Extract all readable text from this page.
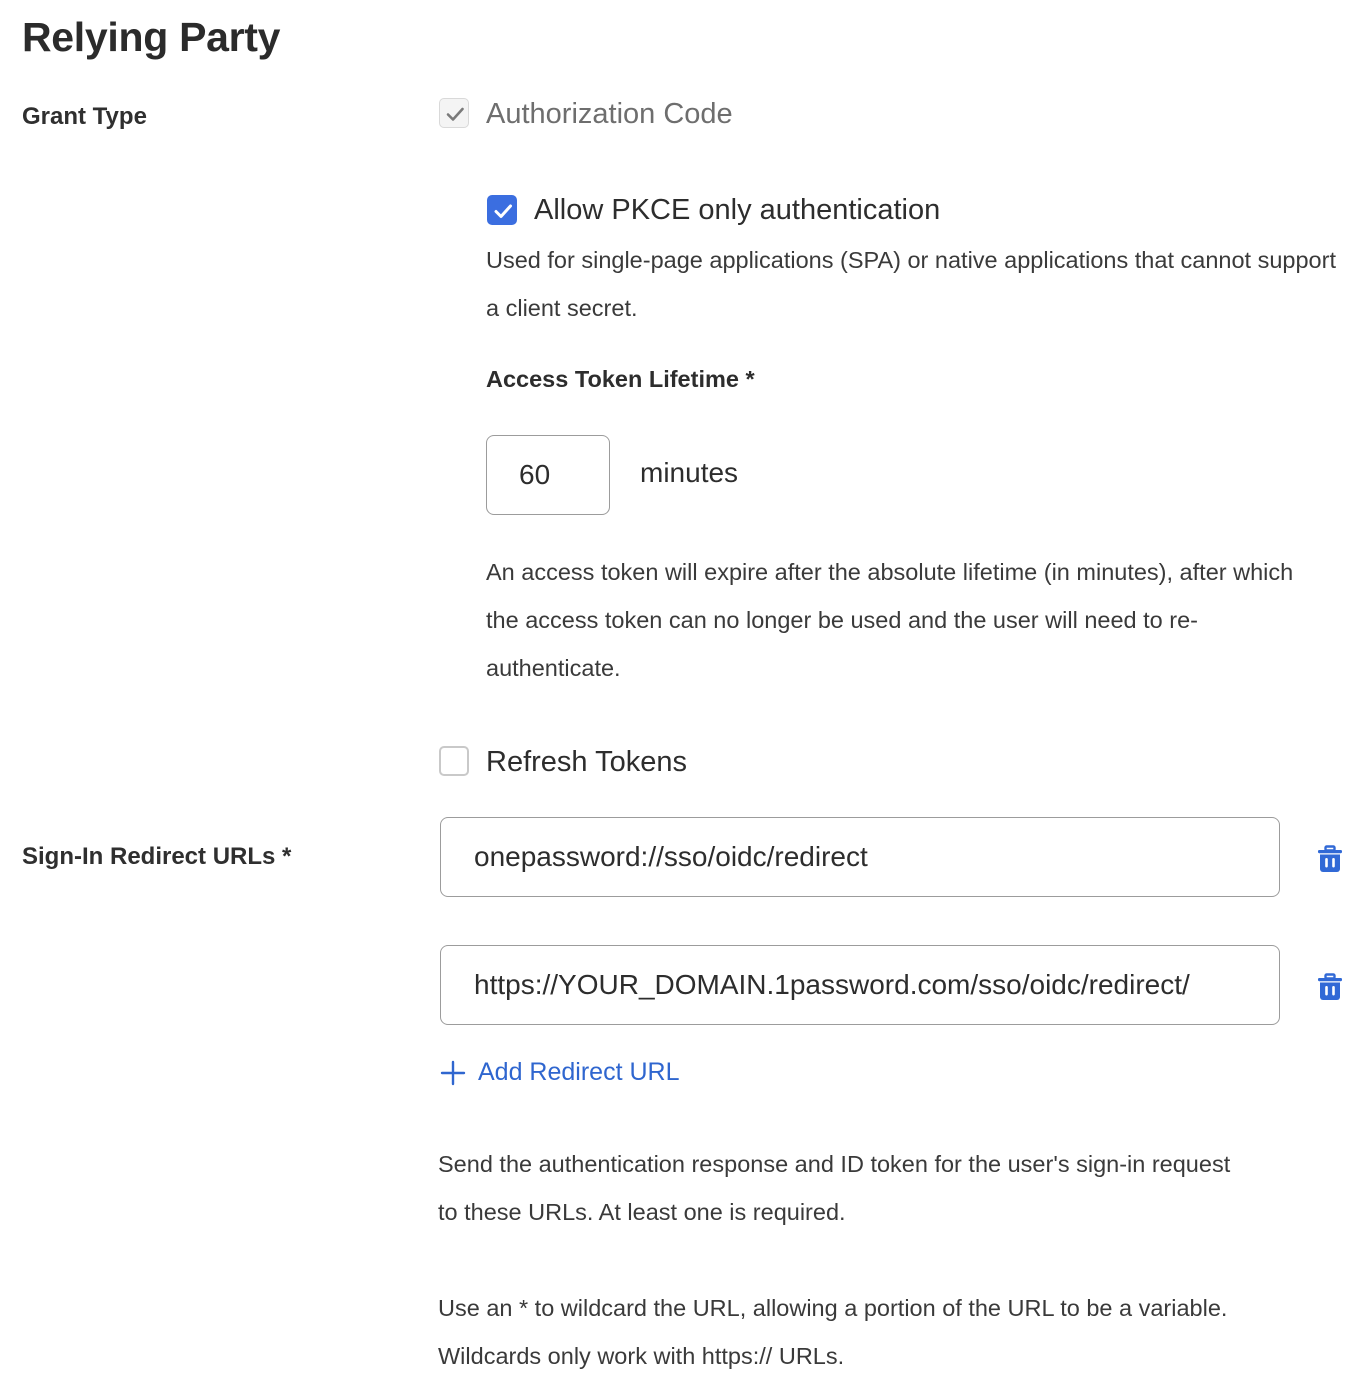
Relying Party
Grant Type	Authorization Code
Allow PKCE only authentication
Used for single-page applications (SPA) or native applications that cannot support a client secret.
Access Token Lifetime *
60
minutes
An access token will expire after the absolute lifetime (in minutes), after which the access token can no longer be used and the user will need to re-authenticate.
Refresh Tokens
Sign-In Redirect URLs *
onepassword://sso/oidc/redirect
https://YOUR_DOMAIN.1password.com/sso/oidc/redirect/
Add Redirect URL
Send the authentication response and ID token for the user's sign-in request to these URLs. At least one is required.
Use an * to wildcard the URL, allowing a portion of the URL to be a variable. Wildcards only work with https:// URLs.
